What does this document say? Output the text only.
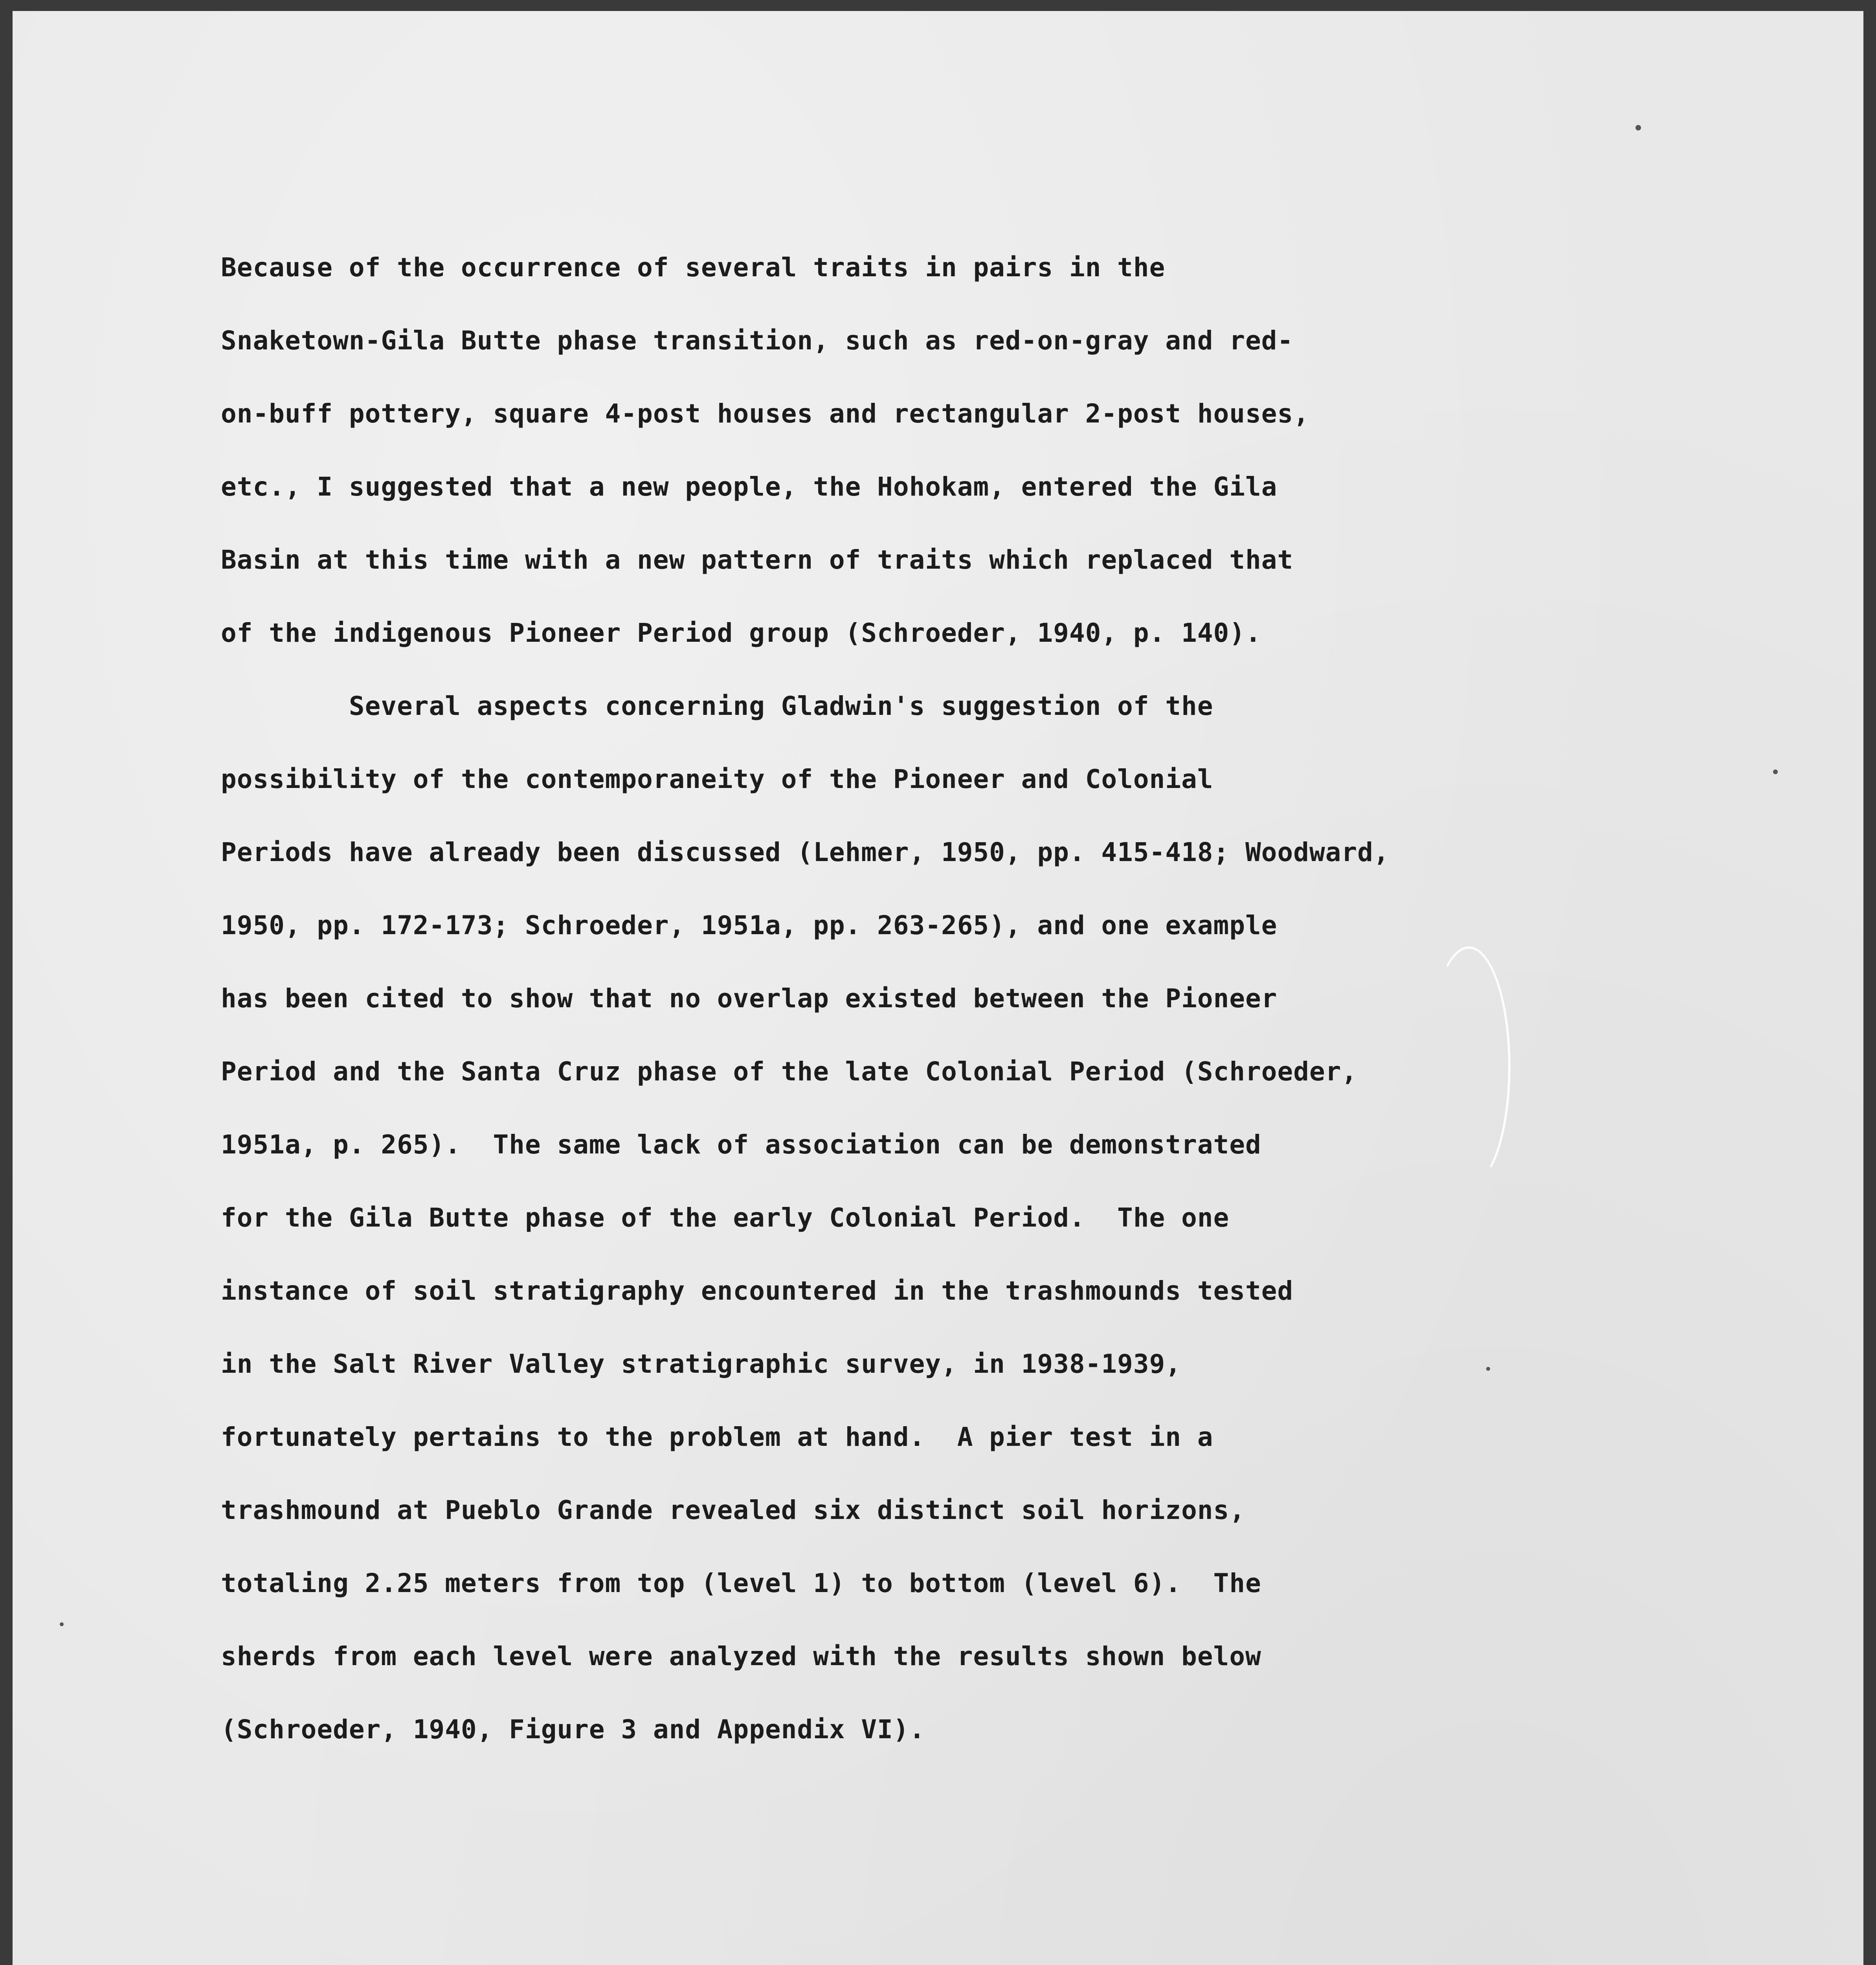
Because of the occurrence of several traits in pairs in the
Snaketown-Gila Butte phase transition, such as red-on-gray and red-
on-buff pottery, square 4-post houses and rectangular 2-post houses,
etc., I suggested that a new people, the Hohokam, entered the Gila
Basin at this time with a new pattern of traits which replaced that
of the indigenous Pioneer Period group (Schroeder, 1940, p. 140).
Several aspects concerning Gladwin's suggestion of the
possibility of the contemporaneity of the Pioneer and Colonial
Periods have already been discussed (Lehmer, 1950, pp. 415-418; Woodward,
1950, pp. 172-173; Schroeder, 1951a, pp. 263-265), and one example
has been cited to show that no overlap existed between the Pioneer
Period and the Santa Cruz phase of the late Colonial Period (Schroeder,
1951a, p. 265).  The same lack of association can be demonstrated
for the Gila Butte phase of the early Colonial Period.  The one
instance of soil stratigraphy encountered in the trashmounds tested
in the Salt River Valley stratigraphic survey, in 1938-1939,
fortunately pertains to the problem at hand.  A pier test in a
trashmound at Pueblo Grande revealed six distinct soil horizons,
totaling 2.25 meters from top (level 1) to bottom (level 6).  The
sherds from each level were analyzed with the results shown below
(Schroeder, 1940, Figure 3 and Appendix VI).
